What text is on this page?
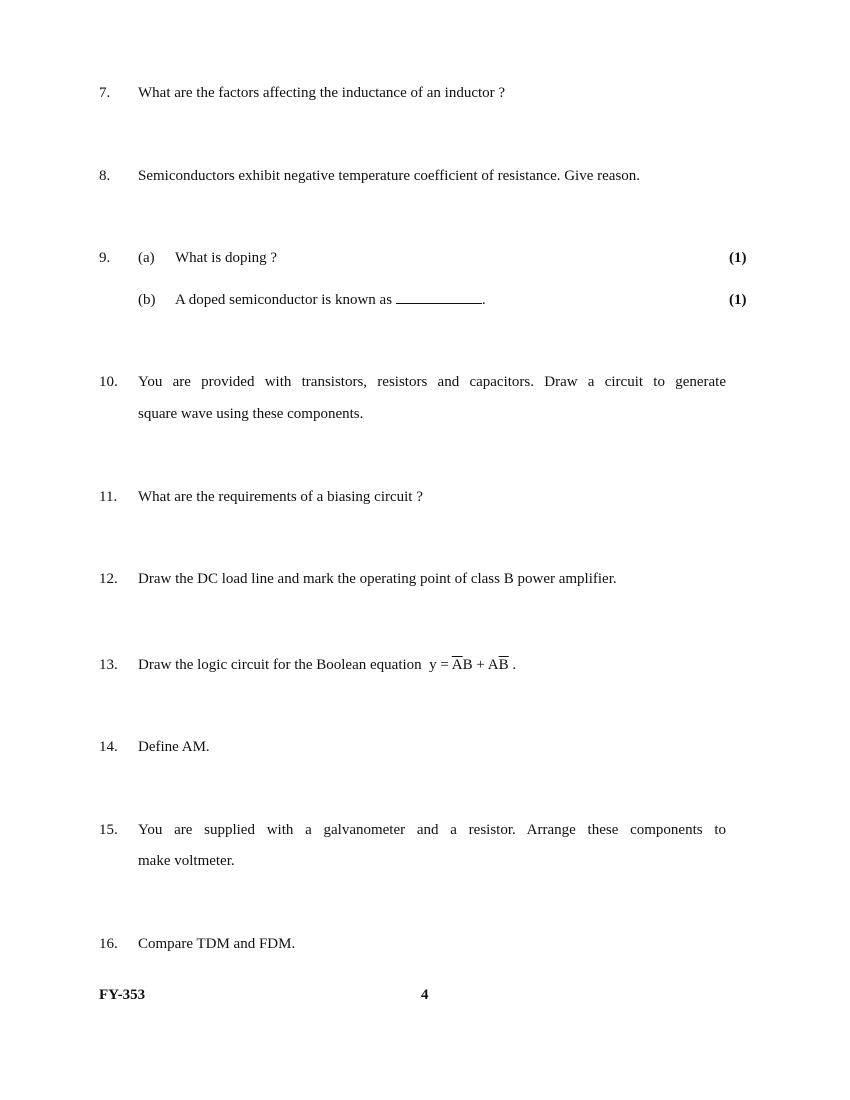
7. What are the factors affecting the inductance of an inductor ?
8. Semiconductors exhibit negative temperature coefficient of resistance. Give reason.
9. (a) What is doping ?	(1)
(b) A doped semiconductor is known as	.	(1)
10. You are provided with transistors, resistors and capacitors. Draw a circuit to generate
square wave using these components.
11. What are the requirements of a biasing circuit ?
12. Draw the DC load line and mark the operating point of class B power amplifier.
13. Draw the logic circuit for the Boolean equation $y = \overline{A}B + A\overline{B}$ .
14. Define AM.
15. You are supplied with a galvanometer and a resistor. Arrange these components to
make voltmeter.
16. Compare TDM and FDM.
FY-353	4
